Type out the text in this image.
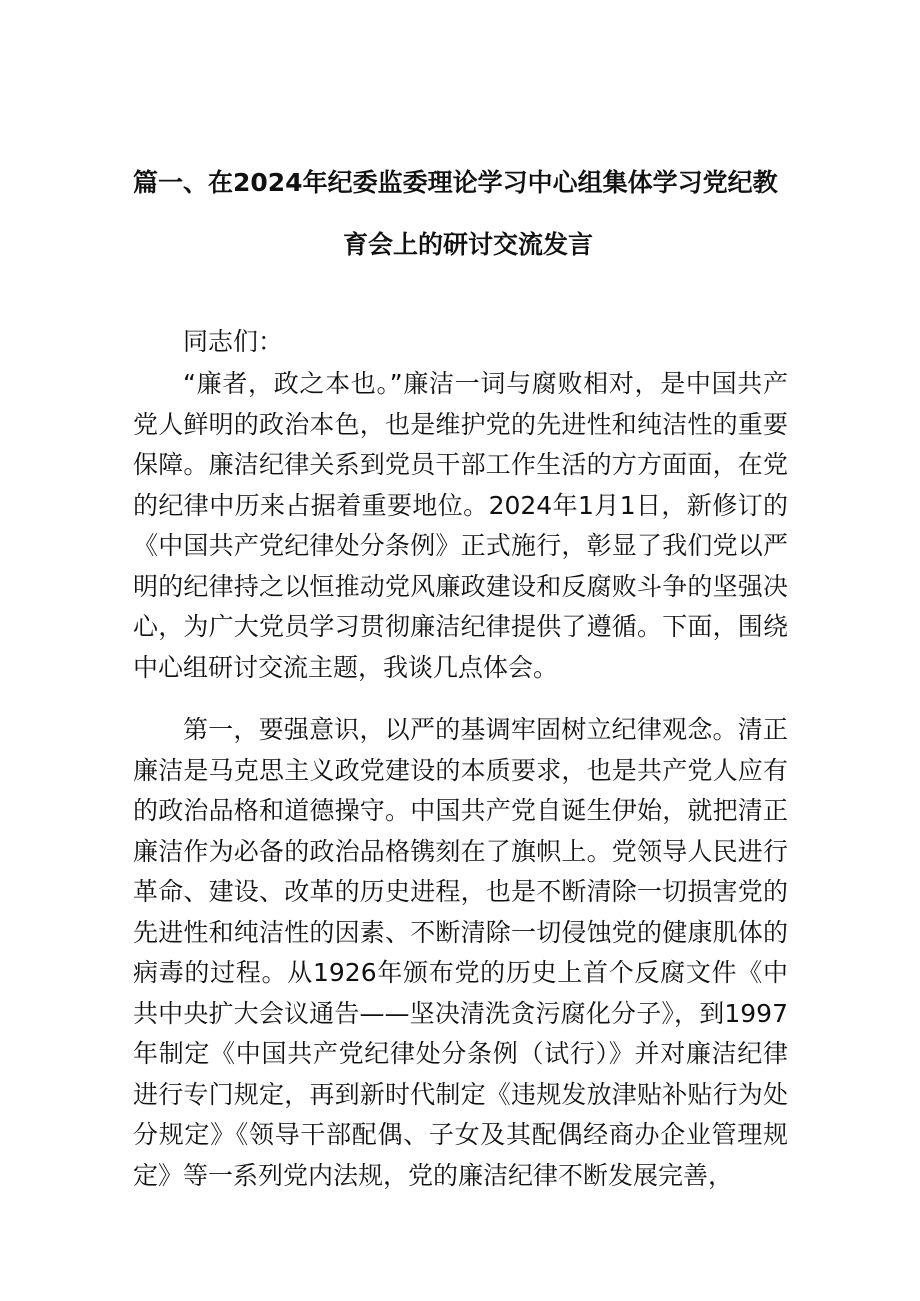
篇一、在2024年纪委监委理论学习中心组集体学习党纪教
育会上的研讨交流发言
同志们：

“廉者，政之本也。”廉洁一词与腐败相对，是中国共产党人鲜明的政治本色，也是维护党的先进性和纯洁性的重要保障。廉洁纪律关系到党员干部工作生活的方方面面，在党的纪律中历来占据着重要地位。2024年1月1日，新修订的《中国共产党纪律处分条例》正式施行，彰显了我们党以严明的纪律持之以恒推动党风廉政建设和反腐败斗争的坚强决心，为广大党员学习贯彻廉洁纪律提供了遵循。下面，围绕中心组研讨交流主题，我谈几点体会。

第一，要强意识，以严的基调牢固树立纪律观念。清正廉洁是马克思主义政党建设的本质要求，也是共产党人应有的政治品格和道德操守。中国共产党自诞生伊始，就把清正廉洁作为必备的政治品格镌刻在了旗帜上。党领导人民进行革命、建设、改革的历史进程，也是不断清除一切损害党的先进性和纯洁性的因素、不断清除一切侵蚀党的健康肌体的病毒的过程。从1926年颁布党的历史上首个反腐文件《中共中央扩大会议通告——坚决清洗贪污腐化分子》，到1997年制定《中国共产党纪律处分条例（试行）》并对廉洁纪律进行专门规定，再到新时代制定《违规发放津贴补贴行为处分规定》《领导干部配偶、子女及其配偶经商办企业管理规定》等一系列党内法规，党的廉洁纪律不断发展完善，
